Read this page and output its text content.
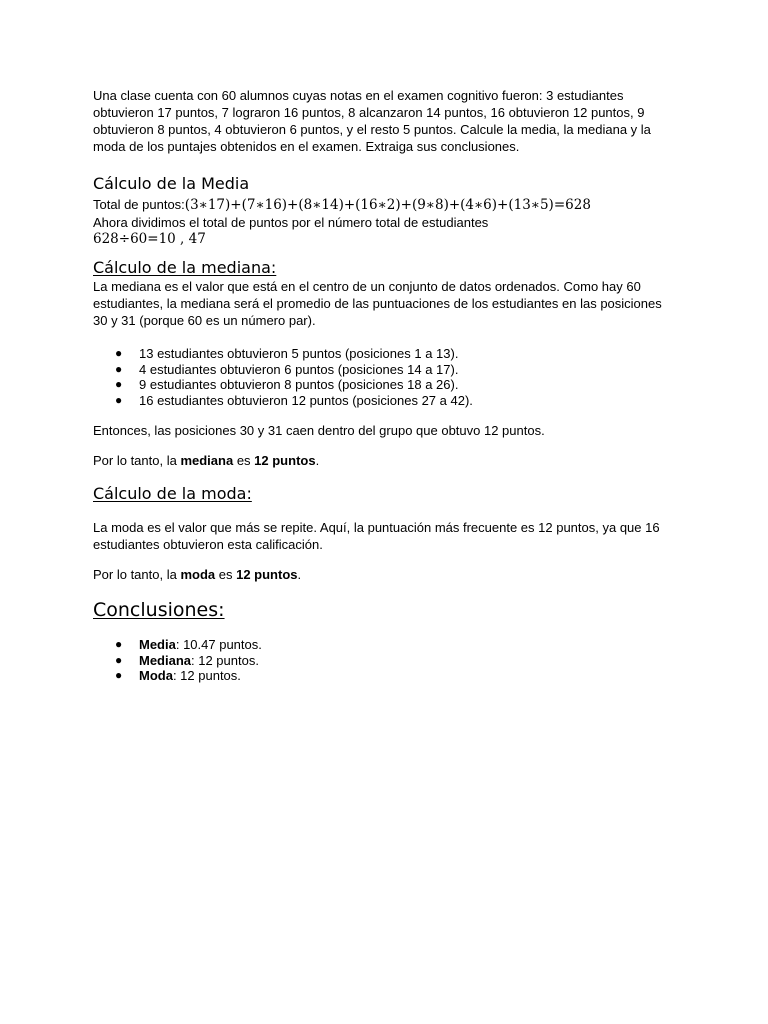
Una clase cuenta con 60 alumnos cuyas notas en el examen cognitivo fueron: 3 estudiantes obtuvieron 17 puntos, 7 lograron 16 puntos, 8 alcanzaron 14 puntos, 16 obtuvieron 12 puntos, 9 obtuvieron 8 puntos, 4 obtuvieron 6 puntos, y el resto 5 puntos. Calcule la media, la mediana y la moda de los puntajes obtenidos en el examen. Extraiga sus conclusiones.

Cálculo de la Media

Total de puntos:(3∗17)+(7∗16)+(8∗14)+(16∗2)+(9∗8)+(4∗6)+(13∗5)=628

Ahora dividimos el total de puntos por el número total de estudiantes

628÷60=10 , 47

Cálculo de la mediana:

La mediana es el valor que está en el centro de un conjunto de datos ordenados. Como hay 60 estudiantes, la mediana será el promedio de las puntuaciones de los estudiantes en las posiciones 30 y 31 (porque 60 es un número par).

● 13 estudiantes obtuvieron 5 puntos (posiciones 1 a 13).
● 4 estudiantes obtuvieron 6 puntos (posiciones 14 a 17).
● 9 estudiantes obtuvieron 8 puntos (posiciones 18 a 26).
● 16 estudiantes obtuvieron 12 puntos (posiciones 27 a 42).

Entonces, las posiciones 30 y 31 caen dentro del grupo que obtuvo 12 puntos.

Por lo tanto, la mediana es 12 puntos.

Cálculo de la moda:

La moda es el valor que más se repite. Aquí, la puntuación más frecuente es 12 puntos, ya que 16 estudiantes obtuvieron esta calificación.

Por lo tanto, la moda es 12 puntos.

Conclusiones:
● Media: 10.47 puntos.
● Mediana: 12 puntos.
● Moda: 12 puntos.
